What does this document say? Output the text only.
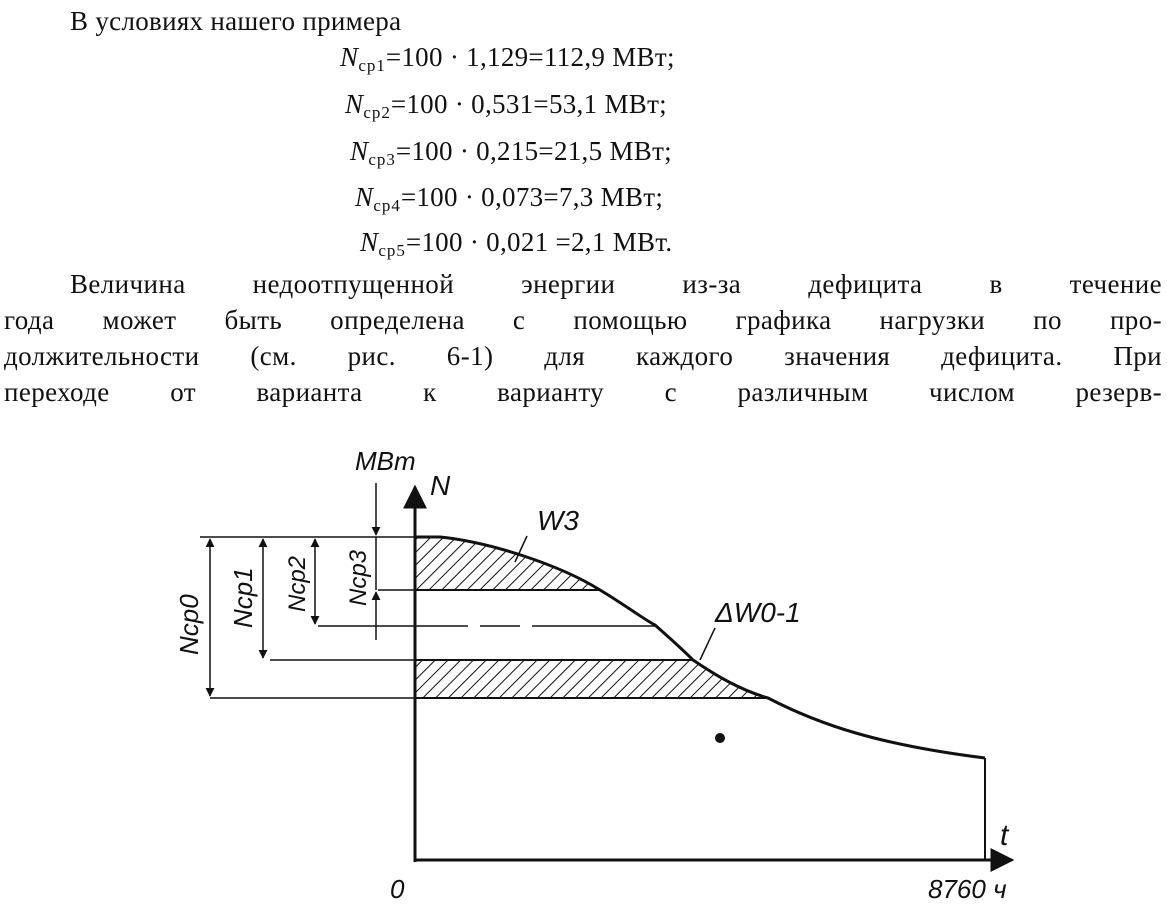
В условиях нашего примера
$N_{ср1}=100 \cdot 1,129=112,9$ МВт;
$N_{ср2}=100 \cdot 0,531=53,1$ МВт;
$N_{ср3}=100 \cdot 0,215=21,5$ МВт;
$N_{ср4}=100 \cdot 0,073=7,3$ МВт;
$N_{ср5}=100 \cdot 0,021 =2,1$ МВт.
Величина недоотпущенной энергии из-за дефицита в течение
года может быть определена с помощью графика нагрузки по про-
должительности (см. рис. 6-1) для каждого значения дефицита. При
переходе от варианта к варианту с различным числом резерв-
МВт
N
t
0	8760 ч
W3
ΔW0-1
Nср0 Nср1 Nср2 Nср3
